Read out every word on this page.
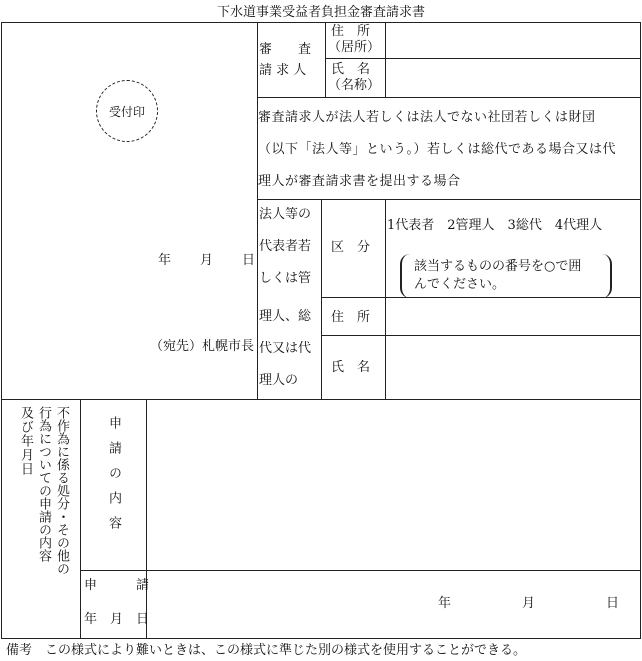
下水道事業受益者負担金審査請求書
受付印
年　　月　　日
（宛先）札幌市長
審　　査
請 求 人
住　所
（居所）
氏　名
（名称）
審査請求人が法人若しくは法人でない社団若しくは財団
（以下「法人等」という。）若しくは総代である場合又は代
理人が審査請求書を提出する場合
法人等の
代表者若
しくは管
理人、総
代又は代
理人の
区　分
1代表者　2管理人　3総代　4代理人
該当するものの番号を○で囲
んでください。
住　所
氏　名
及び年月日 行為についての申請の内容 不作為に係る処分・その他の	申請の内容
申　　　請
年　月　日
年　　　　　月　　　　　日
備考　この様式により難いときは、この様式に準じた別の様式を使用することができる。
